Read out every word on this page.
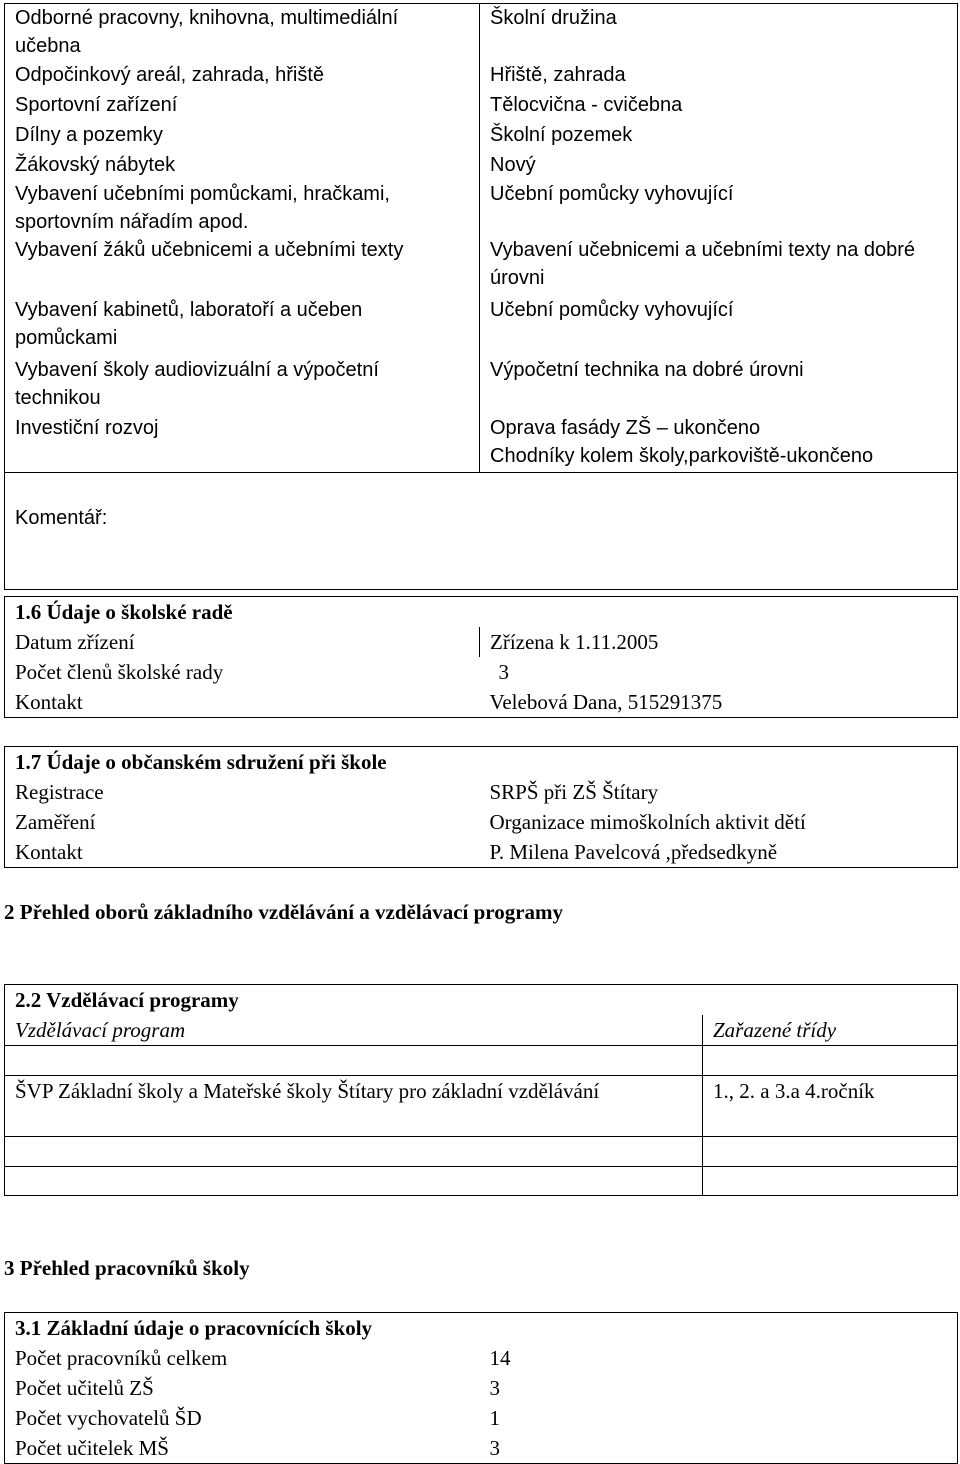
Odborné pracovny, knihovna, multimediální učebna	Školní družina
Odpočinkový areál, zahrada, hřiště	Hřiště, zahrada
Sportovní zařízení	Tělocvična - cvičebna
Dílny a pozemky	Školní pozemek
Žákovský nábytek	Nový
Vybavení učebními pomůckami, hračkami, sportovním nářadím apod.	Učební pomůcky vyhovující
Vybavení žáků učebnicemi a učebními texty	Vybavení učebnicemi a učebními texty na dobré úrovni
Vybavení kabinetů, laboratoří a učeben pomůckami	Učební pomůcky vyhovující
Vybavení školy audiovizuální a výpočetní technikou	Výpočetní technika na dobré úrovni
Investiční rozvoj	Oprava fasády ZŠ – ukončeno
Chodníky kolem školy,parkoviště-ukončeno

Komentář:	
1.6 Údaje o školské radě	
Datum zřízení	Zřízena k 1.11.2005
Počet členů školské rady 3	

Kontakt	Velebová Dana, 515291375
1.7 Údaje o občanském sdružení při škole	
Registrace	SRPŠ při ZŠ Štítary
Zaměření	Organizace mimoškolních aktivit dětí
Kontakt	P. Milena Pavelcová ,předsedkyně
2 Přehled oborů základního vzdělávání a vzdělávací programy
2.2 Vzdělávací programy	
Vzdělávací program	Zařazené třídy

ŠVP Základní školy a Mateřské školy Štítary pro základní vzdělávání	1., 2. a 3.a 4.ročník

3 Přehled pracovníků školy
3.1 Základní údaje o pracovnících školy	
Počet pracovníků celkem	14
Počet učitelů ZŠ	3
Počet vychovatelů ŠD	1
Počet učitelek MŠ	3
